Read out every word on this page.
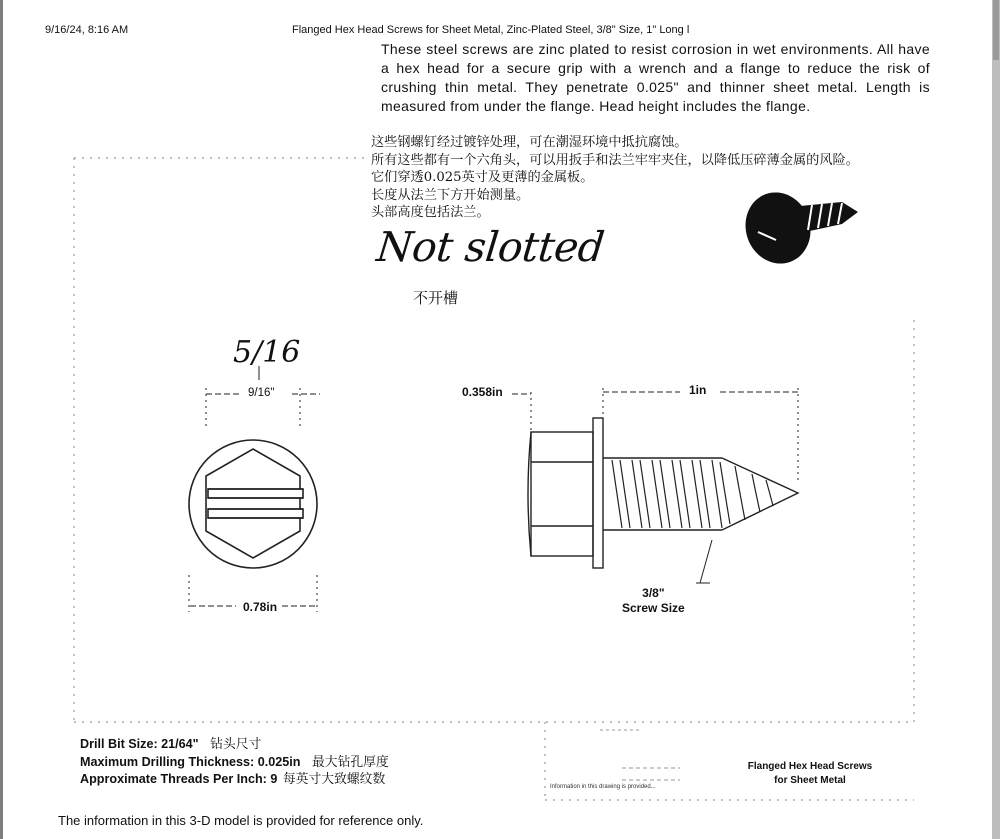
9/16/24, 8:16 AM	Flanged Hex Head Screws for Sheet Metal, Zinc-Plated Steel, 3/8" Size, 1" Long l

These steel screws are zinc plated to resist corrosion in wet environments. All have a hex head for a secure grip with a wrench and a flange to reduce the risk of crushing thin metal. They penetrate 0.025" and thinner sheet metal. Length is measured from under the flange. Head height includes the flange.

这些钢螺钉经过镀锌处理，可在潮湿环境中抵抗腐蚀。
所有这些都有一个六角头，可以用扳手和法兰牢牢夹住，以降低压碎薄金属的风险。
它们穿透0.025英寸及更薄的金属板。
长度从法兰下方开始测量。
头部高度包括法兰。
Not slotted
不开槽
5/16
9/16"
0.78in
0.358in	1in
3/8"
Screw Size
Drill Bit Size: 21/64" 钻头尺寸
Maximum Drilling Thickness: 0.025in 最大钻孔厚度
Approximate Threads Per Inch: 9 每英寸大致螺纹数
Flanged Hex Head Screws
for Sheet Metal
Information in this drawing is provided...
The information in this 3-D model is provided for reference only.
